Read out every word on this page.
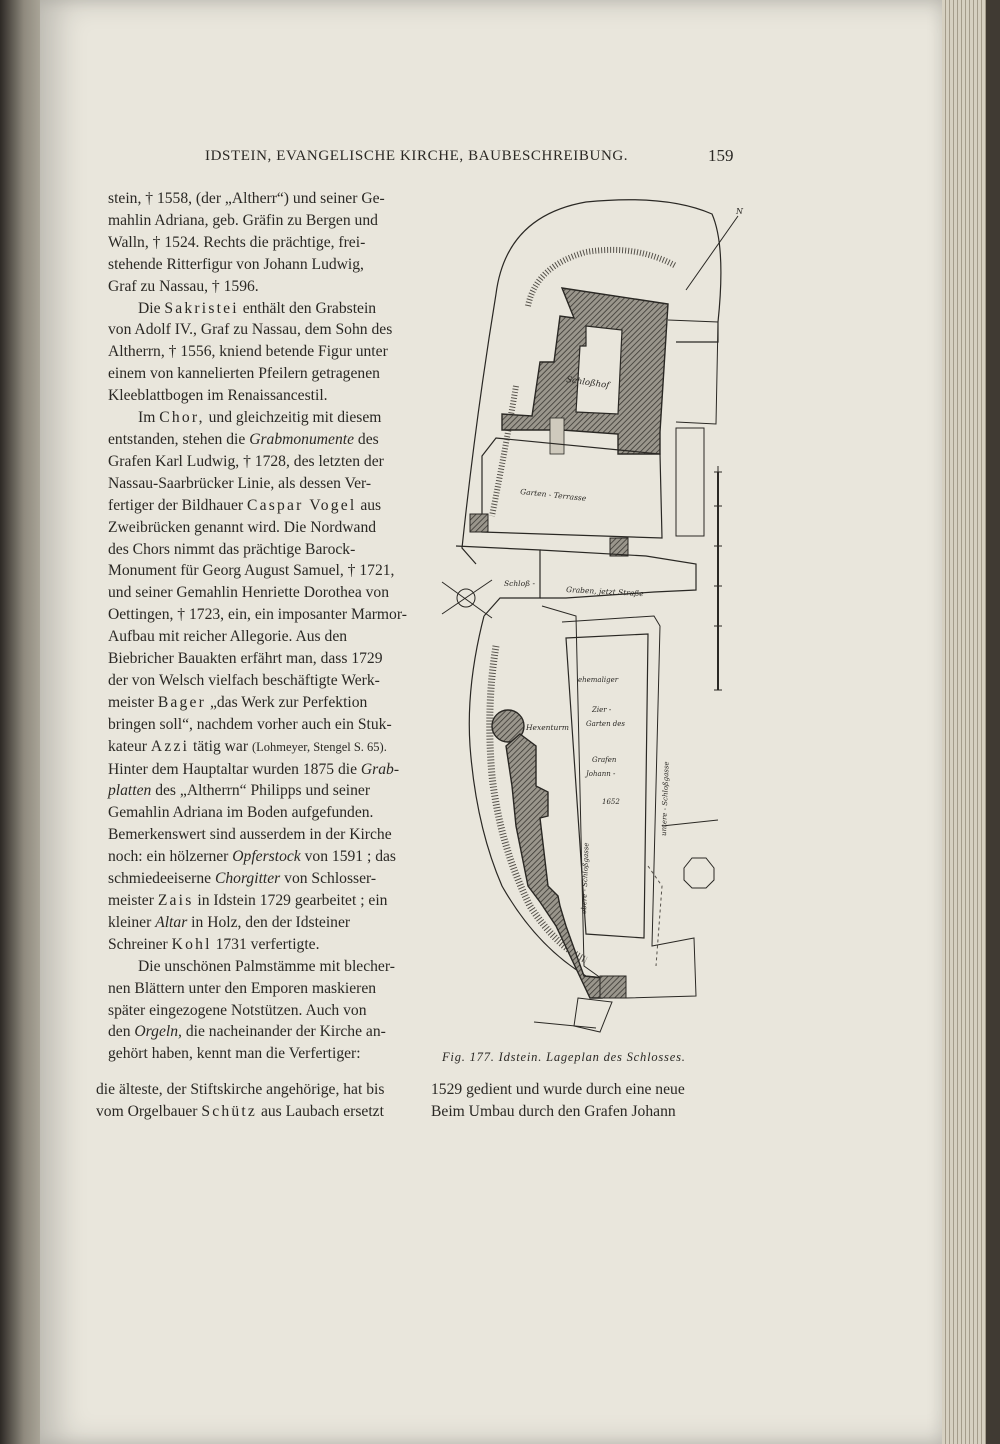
IDSTEIN, EVANGELISCHE KIRCHE, BAUBESCHREIBUNG.	159

stein, † 1558, (der „Altherr“) und seiner Ge-

mahlin Adriana, geb. Gräfin zu Bergen und

Walln, † 1524. Rechts die prächtige, frei-

stehende Ritterfigur von Johann Ludwig,

Graf zu Nassau, † 1596.

Die Sakristei enthält den Grabstein

von Adolf IV., Graf zu Nassau, dem Sohn des

Altherrn, † 1556, kniend betende Figur unter

einem von kannelierten Pfeilern getragenen

Kleeblattbogen im Renaissancestil.

Im Chor, und gleichzeitig mit diesem

entstanden, stehen die Grabmonumente des

Grafen Karl Ludwig, † 1728, des letzten der

Nassau-Saarbrücker Linie, als dessen Ver-

fertiger der Bildhauer Caspar Vogel aus

Zweibrücken genannt wird. Die Nordwand

des Chors nimmt das prächtige Barock-

Monument für Georg August Samuel, † 1721,

und seiner Gemahlin Henriette Dorothea von

Oettingen, † 1723, ein, ein imposanter Marmor-

Aufbau mit reicher Allegorie. Aus den

Biebricher Bauakten erfährt man, dass 1729

der von Welsch vielfach beschäftigte Werk-

meister Bager „das Werk zur Perfektion

bringen soll“, nachdem vorher auch ein Stuk-

kateur Azzi tätig war (Lohmeyer, Stengel S. 65).

Hinter dem Hauptaltar wurden 1875 die Grab-

platten des „Altherrn“ Philipps und seiner

Gemahlin Adriana im Boden aufgefunden.

Bemerkenswert sind ausserdem in der Kirche

noch: ein hölzerner Opferstock von 1591 ; das

schmiedeeiserne Chorgitter von Schlosser-

meister Zais in Idstein 1729 gearbeitet ; ein

kleiner Altar in Holz, den der Idsteiner

Schreiner Kohl 1731 verfertigte.

Die unschönen Palmstämme mit blecher-

nen Blättern unter den Emporen maskieren

später eingezogene Notstützen. Auch von

den Orgeln, die nacheinander der Kirche an-

gehört haben, kennt man die Verfertiger:

die älteste, der Stiftskirche angehörige, hat bis	1529 gedient und wurde durch eine neue
vom Orgelbauer Schütz aus Laubach ersetzt	Beim Umbau durch den Grafen Johann
N
Schloßhof
Garten - Terrasse
Schloß -
Graben, jetzt Straße
ehemaliger
Zier -
Garten des
Grafen
Johann -
1652
Hexenturm
obere - Schloßgasse
untere - Schloßgasse
Fig. 177. Idstein. Lageplan des Schlosses.
